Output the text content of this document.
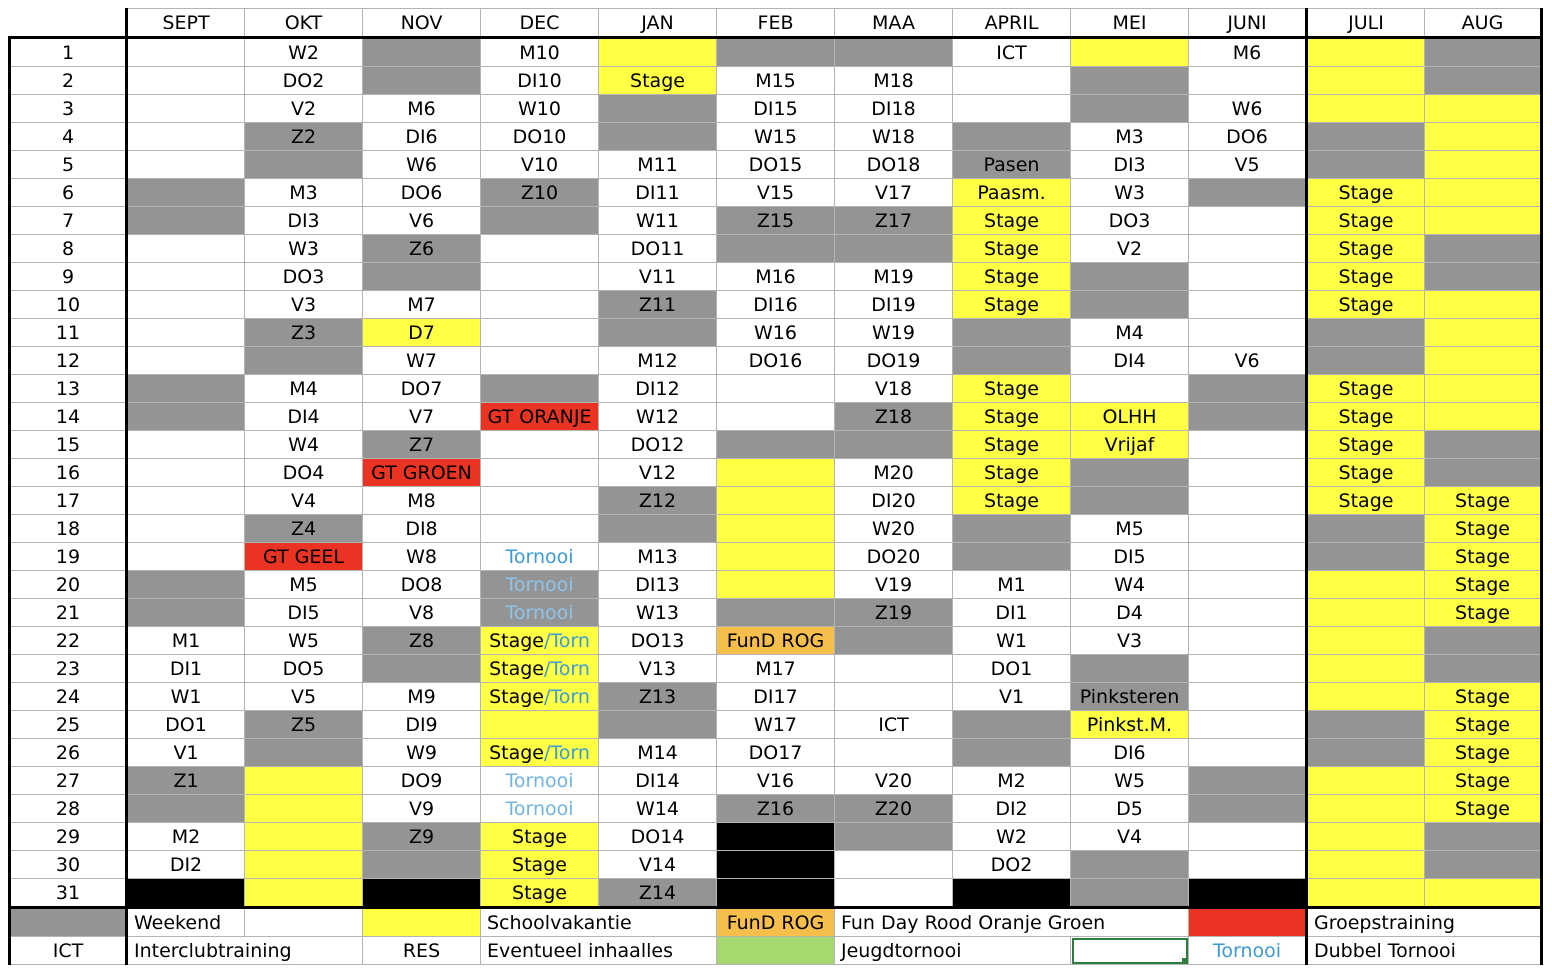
	SEPT	OKT	NOV	DEC	JAN	FEB	MAA	APRIL	MEI	JUNI	JULI	AUG
1		W2		M10				ICT		M6		
2		DO2		DI10	Stage	M15	M18					
3		V2	M6	W10		DI15	DI18			W6		
4		Z2	DI6	DO10		W15	W18		M3	DO6		
5			W6	V10	M11	DO15	DO18	Pasen	DI3	V5		
6		M3	DO6	Z10	DI11	V15	V17	Paasm.	W3		Stage	
7		DI3	V6		W11	Z15	Z17	Stage	DO3		Stage	
8		W3	Z6		DO11			Stage	V2		Stage	
9		DO3			V11	M16	M19	Stage			Stage	
10		V3	M7		Z11	DI16	DI19	Stage			Stage	
11		Z3	D7			W16	W19		M4			
12			W7		M12	DO16	DO19		DI4	V6		
13		M4	DO7		DI12		V18	Stage			Stage	
14		DI4	V7	GT ORANJE	W12		Z18	Stage	OLHH		Stage	
15		W4	Z7		DO12			Stage	Vrijaf		Stage	
16		DO4	GT GROEN		V12		M20	Stage			Stage	
17		V4	M8		Z12		DI20	Stage			Stage	Stage
18		Z4	DI8				W20		M5			Stage
19		GT GEEL	W8	Tornooi	M13		DO20		DI5			Stage
20		M5	DO8	Tornooi	DI13		V19	M1	W4			Stage
21		DI5	V8	Tornooi	W13		Z19	DI1	D4			Stage
22	M1	W5	Z8	Stage/Torn	DO13	FunD ROG		W1	V3			
23	DI1	DO5		Stage/Torn	V13	M17		DO1				
24	W1	V5	M9	Stage/Torn	Z13	DI17		V1	Pinksteren			Stage
25	DO1	Z5	DI9			W17	ICT		Pinkst.M.			Stage
26	V1		W9	Stage/Torn	M14	DO17			DI6			Stage
27	Z1		DO9	Tornooi	DI14	V16	V20	M2	W5			Stage
28			V9	Tornooi	W14	Z16	Z20	DI2	D5			Stage
29	M2		Z9	Stage	DO14			W2	V4			
30	DI2			Stage	V14			DO2				
31				Stage	Z14							
	Weekend			Schoolvakantie		FunD ROG	Fun Day Rood Oranje Groen				Groepstraining	
ICT	Interclubtraining		RES	Eventueel inhaalles			Jeugdtornooi			Tornooi	Dubbel Tornooi	
